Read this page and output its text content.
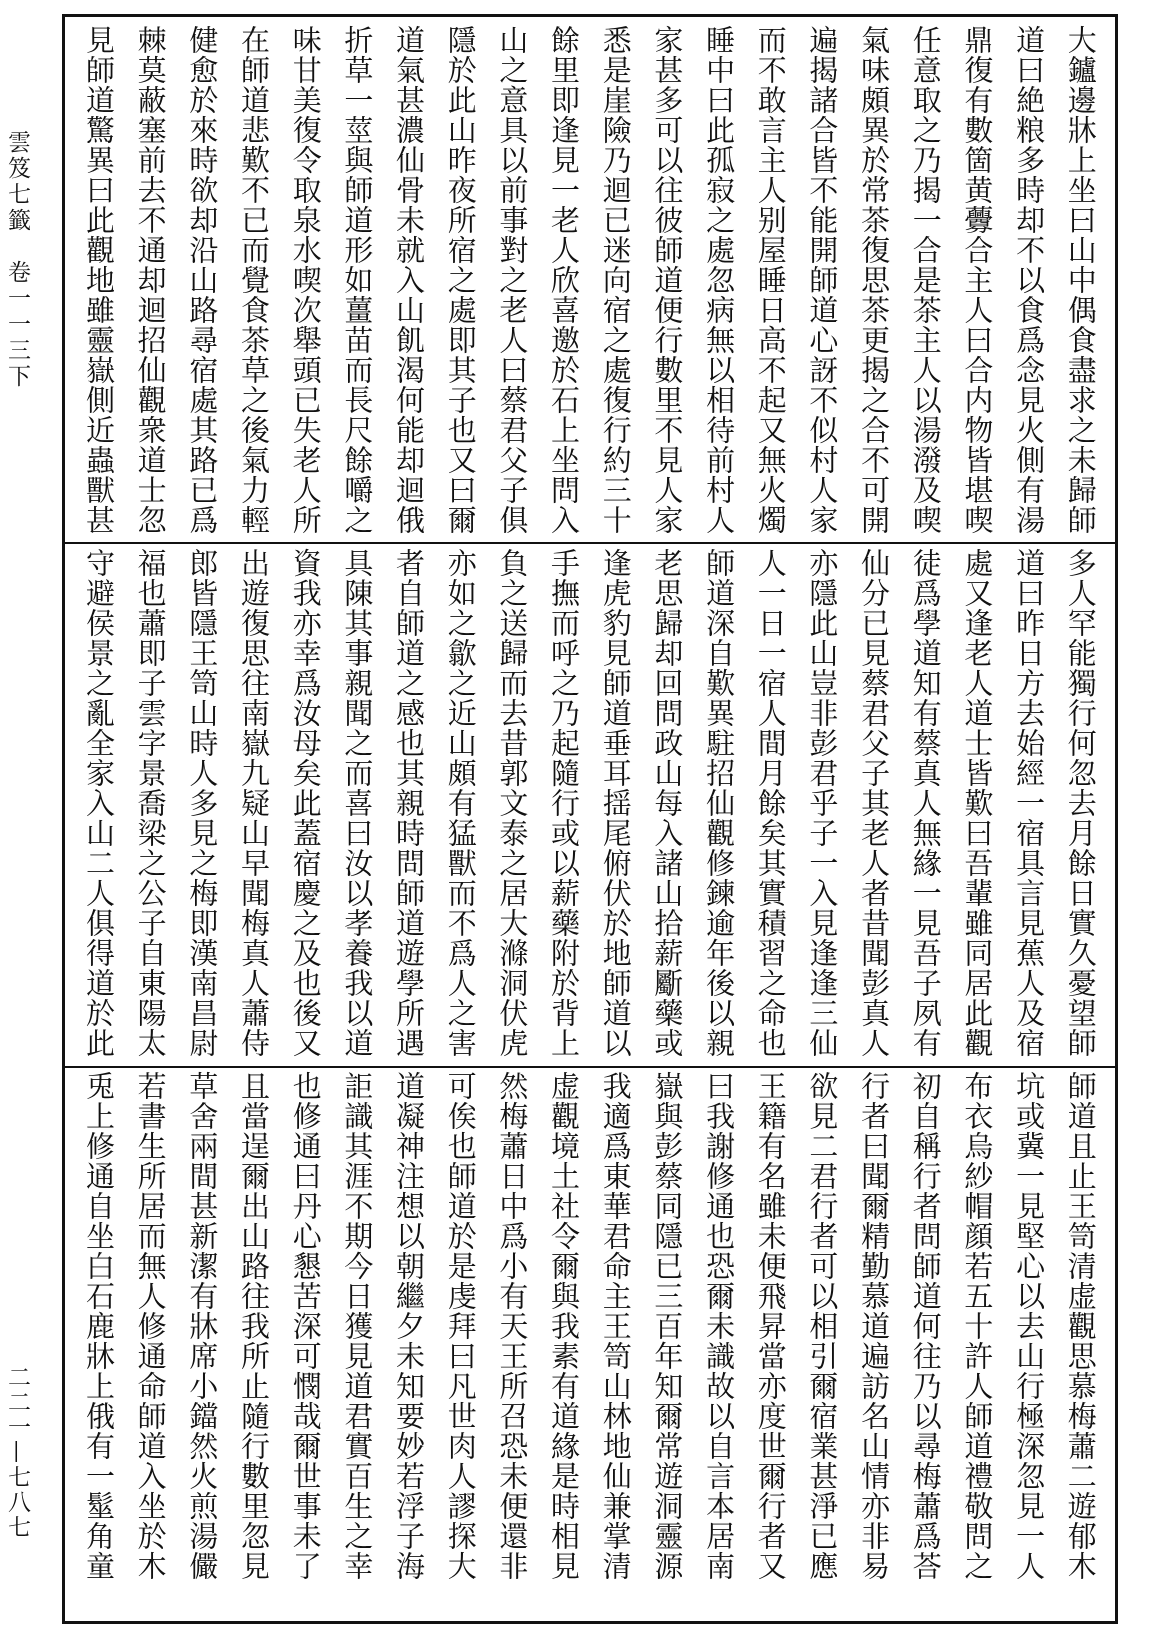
雲笈七籤　卷一一三下
二二一—七八七
大鑪邊牀上坐曰山中偶食盡求之未歸師
道曰絶粮多時却不以食爲念見火側有湯
鼎復有數箇黄虋合主人曰合内物皆堪喫
任意取之乃揭一合是茶主人以湯潑及喫
氣味頗異於常茶復思茶更揭之合不可開
遍揭諸合皆不能開師道心訝不似村人家
而不敢言主人别屋睡日高不起又無火燭
睡中曰此孤寂之處忽病無以相待前村人
家甚多可以往彼師道便行數里不見人家
悉是崖險乃迴已迷向宿之處復行約三十
餘里即逢見一老人欣喜邀於石上坐問入
山之意具以前事對之老人曰蔡君父子俱
隱於此山昨夜所宿之處即其子也又曰爾
道氣甚濃仙骨未就入山飢渴何能却迴俄
折草一莖與師道形如薑苗而長尺餘嚼之
味甘美復令取泉水喫次舉頭已失老人所
在師道悲歎不已而覺食茶草之後氣力輕
健愈於來時欲却沿山路尋宿處其路已爲
棘莫蔽塞前去不通却迴招仙觀衆道士忽
見師道驚異曰此觀地雖靈嶽側近蟲獸甚
多人罕能獨行何忽去月餘日實久憂望師
道曰昨日方去始經一宿具言見蕉人及宿
處又逢老人道士皆歎曰吾輩雖同居此觀
徒爲學道知有蔡真人無緣一見吾子夙有
仙分已見蔡君父子其老人者昔聞彭真人
亦隱此山豈非彭君乎子一入見逢逢三仙
人一日一宿人間月餘矣其實積習之命也
師道深自歎異駐招仙觀修鍊逾年後以親
老思歸却回問政山每入諸山拾薪斸藥或
逢虎豹見師道垂耳揺尾俯伏於地師道以
手撫而呼之乃起隨行或以薪藥附於背上
負之送歸而去昔郭文泰之居大滌洞伏虎
亦如之歙之近山頗有猛獸而不爲人之害
者自師道之感也其親時問師道遊學所遇
具陳其事親聞之而喜曰汝以孝養我以道
資我亦幸爲汝母矣此蓋宿慶之及也後又
出遊復思往南嶽九疑山早聞梅真人蕭侍
郎皆隱王笥山時人多見之梅即漢南昌尉
福也蕭即子雲字景喬梁之公子自東陽太
守避侯景之亂全家入山二人俱得道於此
師道且止王笥清虚觀思慕梅蕭二遊郁木
坑或冀一見堅心以去山行極深忽見一人
布衣烏紗帽顔若五十許人師道禮敬問之
初自稱行者問師道何往乃以尋梅蕭爲荅
行者曰聞爾精勤慕道遍訪名山情亦非易
欲見二君行者可以相引爾宿業甚淨已應
王籍有名雖未便飛昇當亦度世爾行者又
曰我謝修通也恐爾未識故以自言本居南
嶽與彭蔡同隱已三百年知爾常遊洞靈源
我適爲東華君命主王笥山林地仙兼掌清
虚觀境土社令爾與我素有道緣是時相見
然梅蕭日中爲小有天王所召恐未便還非
可俟也師道於是虔拜曰凡世肉人謬探大
道凝神注想以朝繼夕未知要妙若浮子海
詎識其涯不期今日獲見道君實百生之幸
也修通曰丹心懇苦深可憫哉爾世事未了
且當逞爾出山路往我所止隨行數里忽見
草舍兩間甚新潔有牀席小鐺然火煎湯儼
若書生所居而無人修通命師道入坐於木
兎上修通自坐白石鹿牀上俄有一髽角童
